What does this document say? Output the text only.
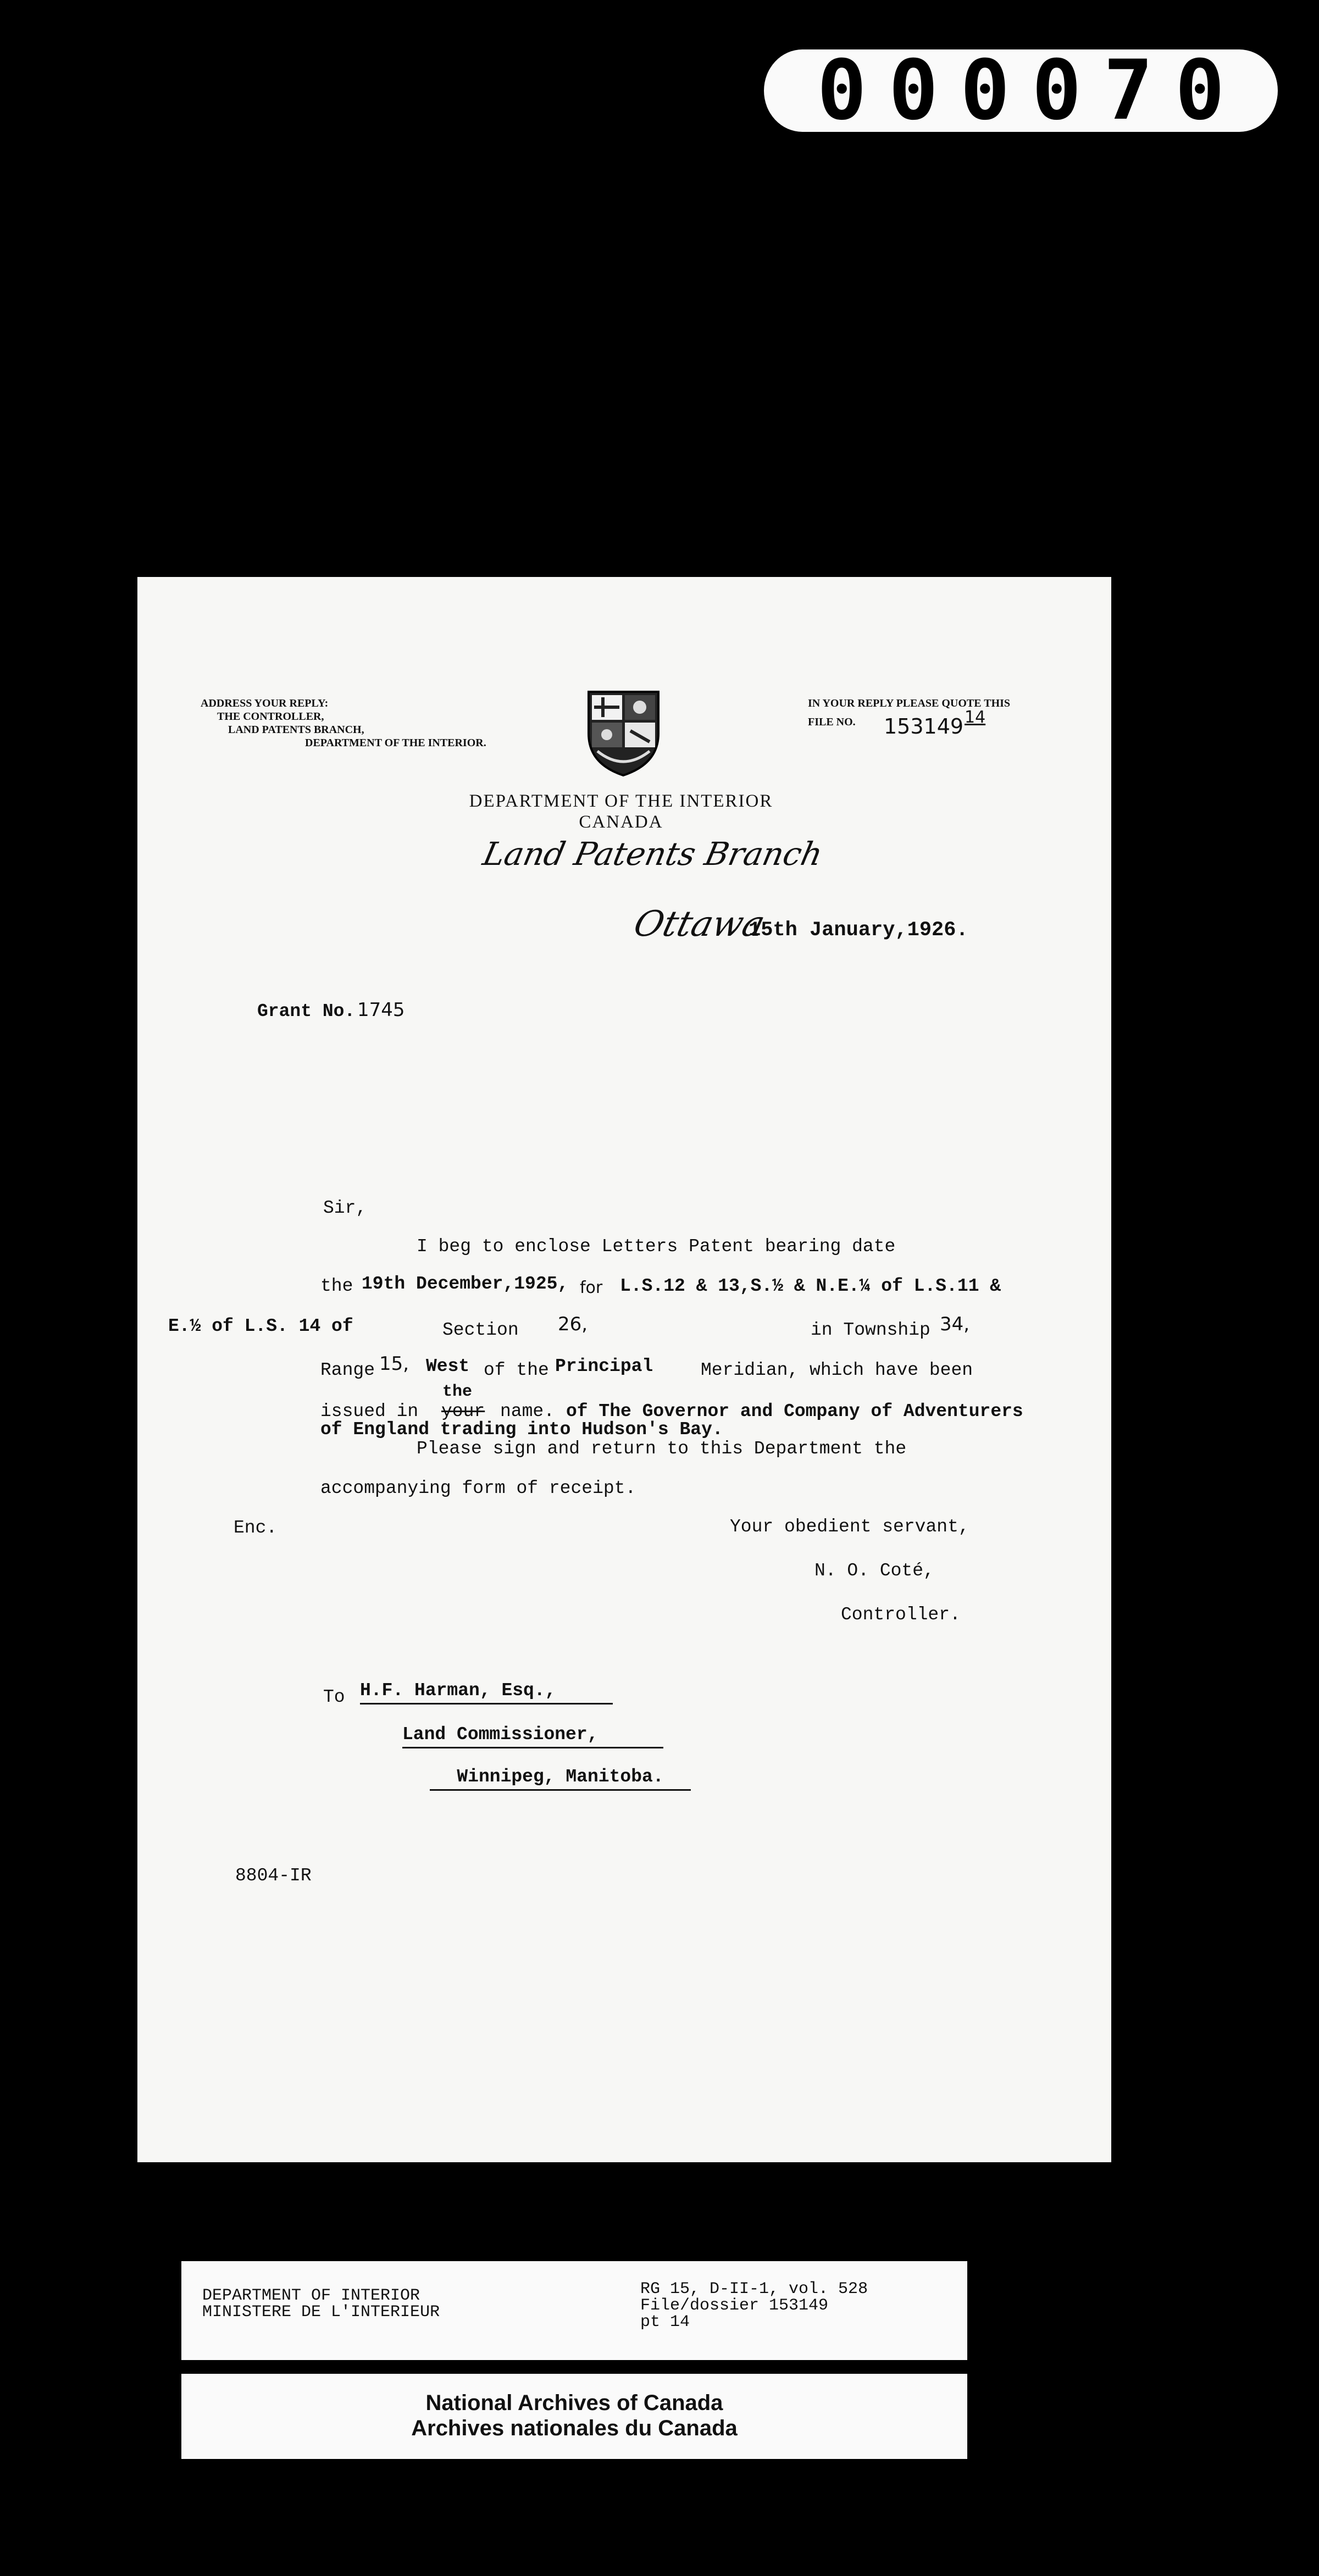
000070
ADDRESS YOUR REPLY:
THE CONTROLLER,
LAND PATENTS BRANCH,
DEPARTMENT OF THE INTERIOR.
IN YOUR REPLY PLEASE QUOTE THIS
FILE NO. 153149 14
DEPARTMENT OF THE INTERIOR
CANADA
Land Patents Branch
Ottawa
15th January,1926.
Grant No. 1745
Sir,
I beg to enclose Letters Patent bearing date
the 19th December,1925, for L.S.12 & 13,S.½ & N.E.¼ of L.S.11 &
E.½ of L.S. 14 of	Section 26,	in Township 34,
Range 15, West of the Principal	Meridian, which have been
the
issued in your name. of The Governor and Company of Adventurers
of England trading into Hudson's Bay.
Please sign and return to this Department the
accompanying form of receipt.
Enc.	Your obedient servant,
N. O. Coté,
Controller.
To H.F. Harman, Esq.,
Land Commissioner,
Winnipeg, Manitoba.
8804-IR
DEPARTMENT OF INTERIOR
MINISTERE DE L'INTERIEUR
RG 15, D-II-1, vol. 528
File/dossier 153149
pt 14
National Archives of Canada
Archives nationales du Canada
